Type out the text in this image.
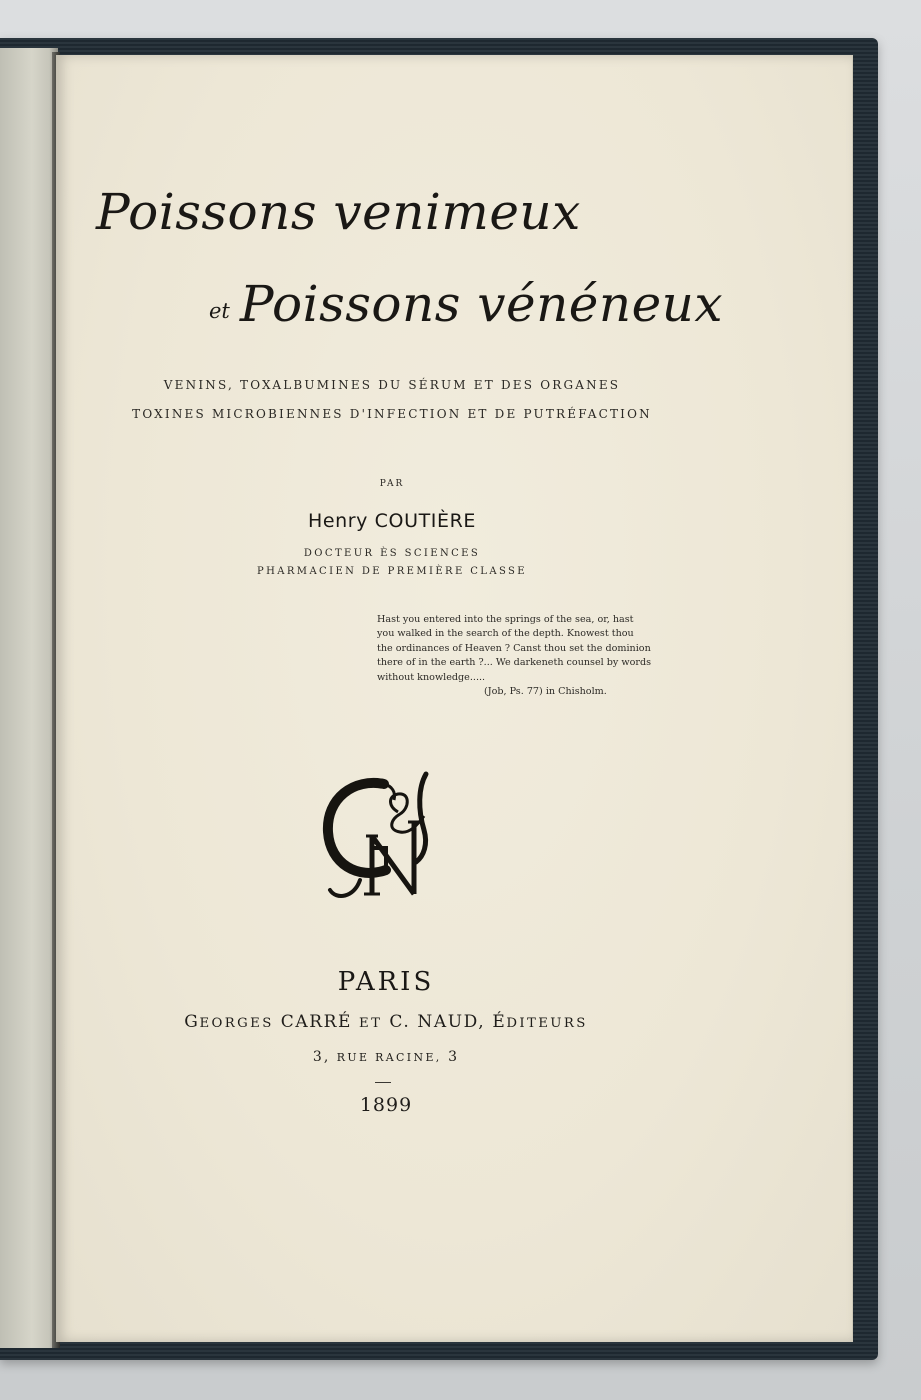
Poissons venimeux
et Poissons vénéneux
VENINS, TOXALBUMINES DU SÉRUM ET DES ORGANES
TOXINES MICROBIENNES D'INFECTION ET DE PUTRÉFACTION
PAR
Henry COUTIÈRE
DOCTEUR ÈS SCIENCES
PHARMACIEN DE PREMIÈRE CLASSE
Hast you entered into the springs of the sea, or, hast
you walked in the search of the depth. Knowest thou
the ordinances of Heaven ? Canst thou set the dominion
there of in the earth ?... We darkeneth counsel by words
without knowledge.....
(Job, Ps. 77) in Chisholm.
PARIS
GEORGES CARRÉ ET C. NAUD, ÉDITEURS
3, RUE RACINE, 3
1899
